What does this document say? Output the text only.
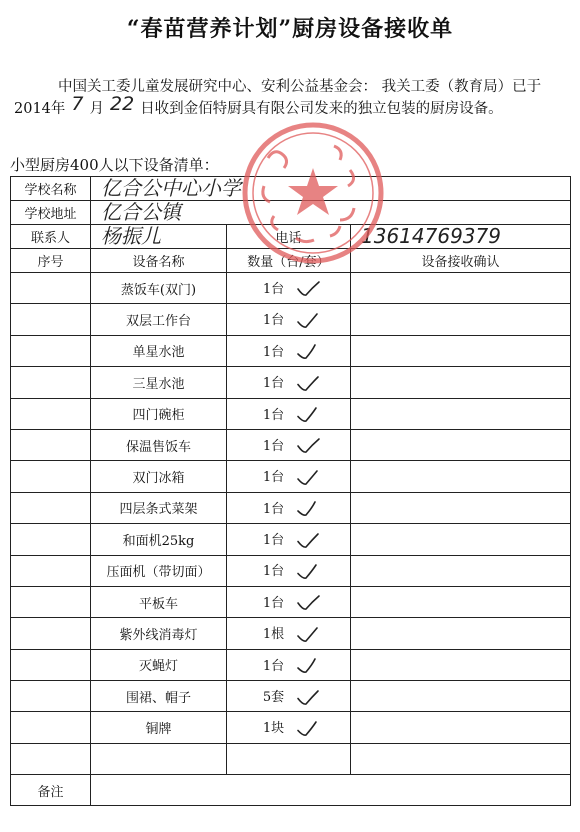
“春苗营养计划”厨房设备接收单
中国关工委儿童发展研究中心、安利公益基金会： 我关工委（教育局）已于2014年 7 月 22 日收到金佰特厨具有限公司发来的独立包装的厨房设备。
小型厨房400人以下设备清单：
学校名称	亿合公中心小学		
学校地址	亿合公镇		
联系人	杨振儿	电话	13614769379
序号	设备名称	数量（台/套）	设备接收确认
	蒸饭车(双门)	1台

	双层工作台	1台

	单星水池	1台

	三星水池	1台

	四门碗柜	1台

	保温售饭车	1台

	双门冰箱	1台

	四层条式菜架	1台

	和面机25kg	1台

	压面机（带切面）	1台

	平板车	1台

	紫外线消毒灯	1根

	灭蝇灯	1台

	围裙、帽子	5套

	铜牌	1块

备注			
